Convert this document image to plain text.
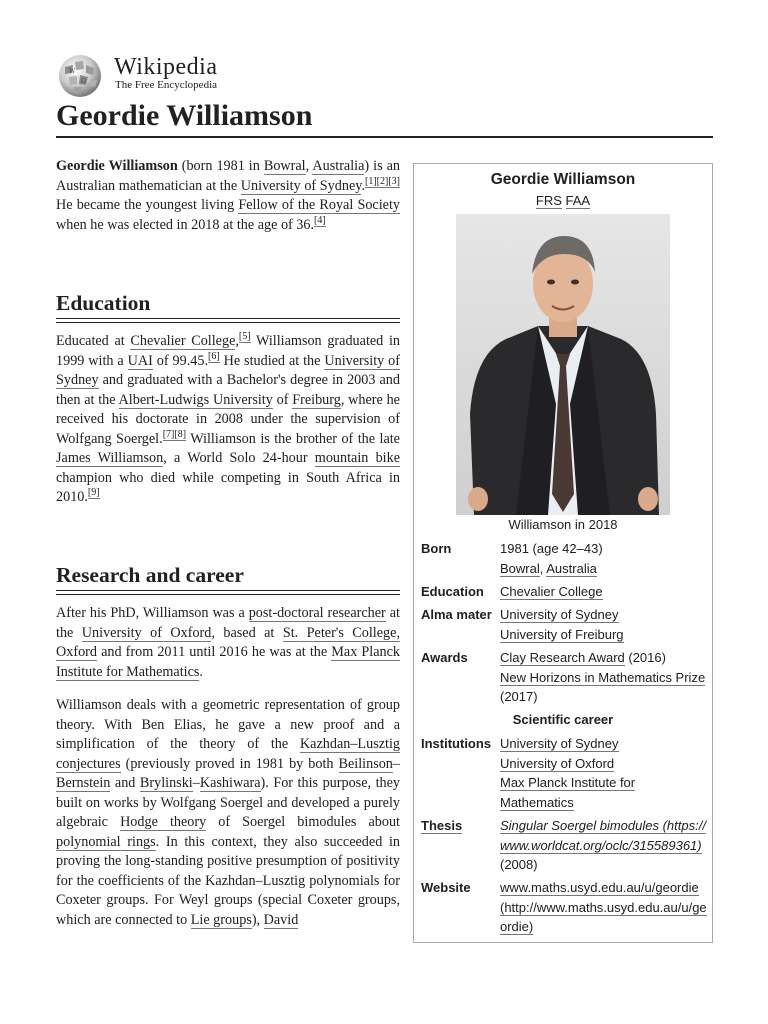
W
Ω
Wikipedia
The Free Encyclopedia
Geordie Williamson

Geordie Williamson (born 1981 in Bowral, Australia) is an Australian mathematician at the University of Sydney.[1][2][3] He became the youngest living Fellow of the Royal Society when he was elected in 2018 at the age of 36.[4]

Education

Educated at Chevalier College,[5] Williamson graduated in 1999 with a UAI of 99.45.[6] He studied at the University of Sydney and graduated with a Bachelor's degree in 2003 and then at the Albert-Ludwigs University of Freiburg, where he received his doctorate in 2008 under the supervision of Wolfgang Soergel.[7][8] Williamson is the brother of the late James Williamson, a World Solo 24-hour mountain bike champion who died while competing in South Africa in 2010.[9]

Research and career

After his PhD, Williamson was a post-doctoral researcher at the University of Oxford, based at St. Peter's College, Oxford and from 2011 until 2016 he was at the Max Planck Institute for Mathematics.

Williamson deals with a geometric representation of group theory. With Ben Elias, he gave a new proof and a simplification of the theory of the Kazhdan–Lusztig conjectures (previously proved in 1981 by both Beilinson–Bernstein and Brylinski–Kashiwara). For this purpose, they built on works by Wolfgang Soergel and developed a purely algebraic Hodge theory of Soergel bimodules about polynomial rings. In this context, they also succeeded in proving the long-standing positive presumption of positivity for the coefficients of the Kazhdan–Lusztig polynomials for Coxeter groups. For Weyl groups (special Coxeter groups, which are connected to Lie groups), David

Geordie Williamson
FRS FAA
Williamson in 2018
Born	1981 (age 42–43)
Bowral, Australia
Education	Chevalier College
Alma mater University of Sydney
University of Freiburg
Awards	Clay Research Award (2016)
New Horizons in Mathematics Prize (2017)
Scientific career
Institutions University of Sydney
University of Oxford
Max Planck Institute for Mathematics
Thesis	Singular Soergel bimodules (https://www.worldcat.org/oclc/315589361) (2008)
Website	www.maths.usyd.edu.au/u/geordie (http://www.maths.usyd.edu.au/u/geordie)
